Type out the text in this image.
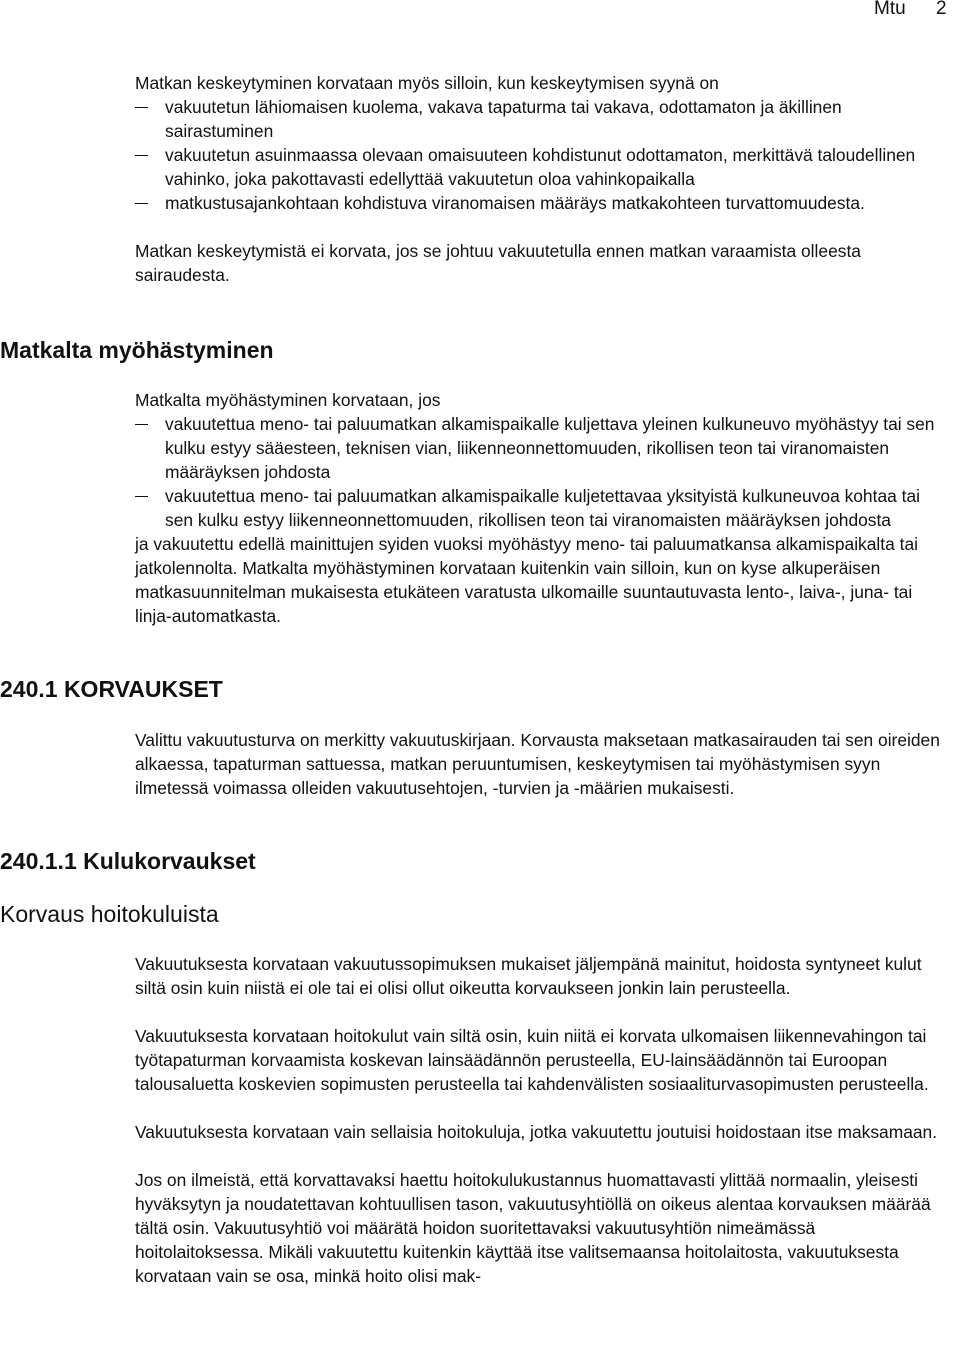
Mtu 2

Matkan keskeytyminen korvataan myös silloin, kun keskeytymisen syynä on

vakuutetun lähiomaisen kuolema, vakava tapaturma tai vakava, odottamaton ja äkillinen sairastuminen
vakuutetun asuinmaassa olevaan omaisuuteen kohdistunut odottamaton, merkittävä taloudellinen vahinko, joka pakottavasti edellyttää vakuutetun oloa vahinkopaikalla
matkustusajankohtaan kohdistuva viranomaisen määräys matkakohteen turvattomuudesta.

Matkan keskeytymistä ei korvata, jos se johtuu vakuutetulla ennen matkan varaamista olleesta sairaudesta.

Matkalta myöhästyminen

Matkalta myöhästyminen korvataan, jos

vakuutettua meno- tai paluumatkan alkamispaikalle kuljettava yleinen kulkuneuvo myöhästyy tai sen kulku estyy sääesteen, teknisen vian, liikenneonnettomuuden, rikollisen teon tai viranomaisten määräyksen johdosta
vakuutettua meno- tai paluumatkan alkamispaikalle kuljetettavaa yksityistä kulkuneuvoa kohtaa tai sen kulku estyy liikenneonnettomuuden, rikollisen teon tai viranomaisten määräyksen johdosta

ja vakuutettu edellä mainittujen syiden vuoksi myöhästyy meno- tai paluumatkansa alkamispaikalta tai jatkolennolta. Matkalta myöhästyminen korvataan kuitenkin vain silloin, kun on kyse alkuperäisen matkasuunnitelman mukaisesta etukäteen varatusta ulkomaille suuntautuvasta lento-, laiva-, juna- tai linja-automatkasta.

240.1 KORVAUKSET

Valittu vakuutusturva on merkitty vakuutuskirjaan. Korvausta maksetaan matkasairauden tai sen oireiden alkaessa, tapaturman sattuessa, matkan peruuntumisen, keskeytymisen tai myöhästymisen syyn ilmetessä voimassa olleiden vakuutusehtojen, -turvien ja -määrien mukaisesti.

240.1.1 Kulukorvaukset
Korvaus hoitokuluista

Vakuutuksesta korvataan vakuutussopimuksen mukaiset jäljempänä mainitut, hoidosta syntyneet kulut siltä osin kuin niistä ei ole tai ei olisi ollut oikeutta korvaukseen jonkin lain perusteella.

Vakuutuksesta korvataan hoitokulut vain siltä osin, kuin niitä ei korvata ulkomaisen liikennevahingon tai työtapaturman korvaamista koskevan lainsäädännön perusteella, EU-lainsäädännön tai Euroopan talousaluetta koskevien sopimusten perusteella tai kahdenvälisten sosiaaliturvasopimusten perusteella.

Vakuutuksesta korvataan vain sellaisia hoitokuluja, jotka vakuutettu joutuisi hoidostaan itse maksamaan.

Jos on ilmeistä, että korvattavaksi haettu hoitokulukustannus huomattavasti ylittää normaalin, yleisesti hyväksytyn ja noudatettavan kohtuullisen tason, vakuutusyhtiöllä on oikeus alentaa korvauksen määrää tältä osin. Vakuutusyhtiö voi määrätä hoidon suoritettavaksi vakuutusyhtiön nimeämässä hoitolaitoksessa. Mikäli vakuutettu kuitenkin käyttää itse valitsemaansa hoitolaitosta, vakuutuksesta korvataan vain se osa, minkä hoito olisi mak-
